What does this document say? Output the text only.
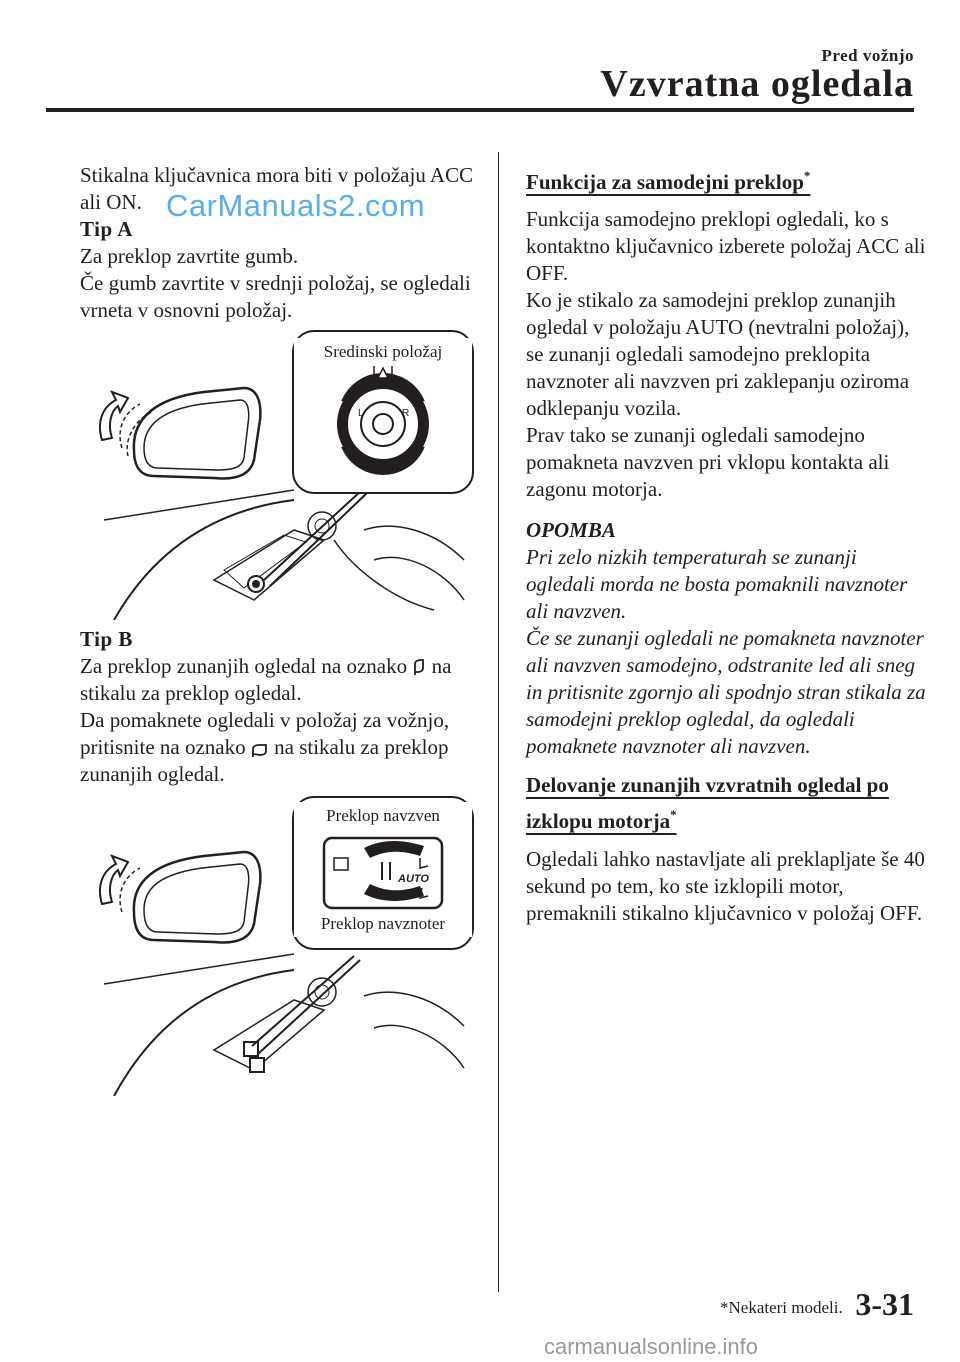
Pred vožnjo
Vzvratna ogledala

Stikalna ključavnica mora biti v položaju ACC ali ON.

Tip A

Za preklop zavrtite gumb.

Če gumb zavrtite v srednji položaj, se ogledali vrneta v osnovni položaj.

Sredinski položaj
L	R

Tip B

Za preklop zunanjih ogledal na oznako na stikalu za preklop ogledal.

Da pomaknete ogledali v položaj za vožnjo, pritisnite na oznako na stikalu za preklop zunanjih ogledal.

Preklop navzven
AUTO
Preklop navznoter
CarManuals2.com

Funkcija za samodejni preklop*

Funkcija samodejno preklopi ogledali, ko s kontaktno ključavnico izberete položaj ACC ali OFF.

Ko je stikalo za samodejni preklop zunanjih ogledal v položaju AUTO (nevtralni položaj), se zunanji ogledali samodejno preklopita navznoter ali navzven pri zaklepanju oziroma odklepanju vozila.

Prav tako se zunanji ogledali samodejno pomakneta navzven pri vklopu kontakta ali zagonu motorja.

OPOMBA

Pri zelo nizkih temperaturah se zunanji ogledali morda ne bosta pomaknili navznoter ali navzven.

Če se zunanji ogledali ne pomakneta navznoter ali navzven samodejno, odstranite led ali sneg in pritisnite zgornjo ali spodnjo stran stikala za samodejni preklop ogledal, da ogledali pomaknete navznoter ali navzven.

Delovanje zunanjih vzvratnih ogledal po izklopu motorja*

Ogledali lahko nastavljate ali preklapljate še 40 sekund po tem, ko ste izklopili motor, premaknili stikalno ključavnico v položaj OFF.

*Nekateri modeli. 3-31
carmanualsonline.info
